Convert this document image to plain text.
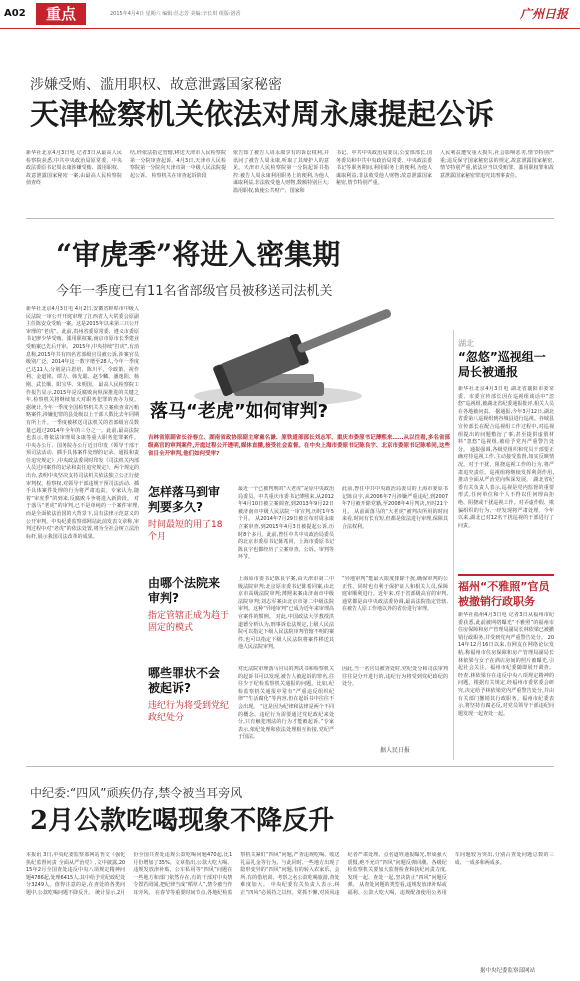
A02	重点	2015年4月4日 星期六 编辑:任志芳 美编:辛长琪 组版:洛香	广州日报
涉嫌受贿、滥用职权、故意泄露国家秘密
天津检察机关依法对周永康提起公诉
新华社北京4月3日电 记者3日从最高人民检察院获悉,中共中央政治局原常委、中央政法委原书记周永康涉嫌受贿、滥用职权、故意泄露国家秘密一案,由最高人民检察院侦查终
结,经依法指定管辖,移送天津市人民检察院第一分院审查起诉。4月3日,天津市人民检察院第一分院向天津市第一中级人民法院提起公诉。 检察机关在审查起诉阶段
依告知了被告人周永康享有的诉讼权利,并讯问了被告人周永康,听取了其辩护人的意见。天津市人民检察院第一分院起诉书指控:被告人周永康利用职务上的便利,为他人谋取利益,非法收受他人财物,数额特别巨大;滥用职权,致使公共财产、国家和
书记、中共中央政治局委员,公安部部长,国务委员和中共中央政治局常委、中央政法委书记等职务期间,利用职务上的便利,为他人谋取利益,非法收受他人财物;故意泄露国家秘密,情节特别严重。
人民利益遭受重大损失,社会影响恶劣,情节特别严重;违反保守国家秘密法的规定,故意泄露国家秘密,情节特别严重,依法应当以受贿罪、滥用职权罪和故意泄露国家秘密罪追究其刑事责任。
“审虎季”将进入密集期
今年一季度已有11名省部级官员被移送司法机关
新华社北京4月3日电 4月2日,安徽省蚌埠市中级人民法院一审公开开庭审理了江西省人大常委会原副主任陈安众受贿一案。这是2015年以来第三只公开审理的“老虎”。此前,贵州省委原常委、遵义市委原书记廖少华受贿、滥用职权案,南京市原市长季建业受贿案已先后开审。 2015年,中央持续“打虎”,有消息称,2015年共有四名省部级官员被公诉,涉案官员级别广泛。2014年这一数字增至28人,今年一季度已达11人,分别是白恩培、陈川平、令政策、祝作利、金道铭、谭力、韩先聪、赵少麟、潘逸阳、杨刚、武长顺、阳宝华、朱明国。 最高人民检察院工作报告显示,2015年是反腐败向纵深推进的关键之年,检察机关将继续加大对职务犯罪的查办力度。 据统计,今年一季度全国检察机关共立案侦查贪污贿赂案件,涉嫌犯罪的县处级以上干部人数比去年同期有所上升。一季度被移送司法机关的省部级官员数量已超过2014年全年的三分之一。此前,最高法院也表示,将依法审理周永康等重大职务犯罪案件。 中央办公厅、国务院办公厅近日印发《领导干部干预司法活动、插手具体案件处理的记录、通报和责任追究规定》,中央政法委同时印发《司法机关内部人员过问案件的记录和责任追究规定》。两个规定的出台,表明中央坚决支持司法机关依法独立公正行使审判权、检察权,对领导干部违规干预司法活动、插手具体案件处理的行为将严肃追责。专家认为,随着“审虎季”的到来,反腐败斗争将进入新阶段。 对于落马“老虎”的审判,已不是单纯的一个案件审理,而是全面依法治国的大背景下,具有法律示范意义的公开审判。中央纪委监察部网站此前发表文章称,审判过程中对“老虎”的依法处置,将为全社会树立法治标杆,展示我国司法改革的成果。
落马“老虎”如何审判?
吉林省原副省长谷春立、湖南省政协原副主席童名谦、原铁道部部长刘志军、重庆市委原书记薄熙来……从以往看,多名省部级高官的审判案件,开庭过程公开透明,媒体直播,接受社会监督。在中央上海市委原书记陈良宇、北京市委原书记陈希同,这些省目全开审判,他们如何受审?
怎样落马到审判要多久?
时间最短的用了18个月
最近一个已被判刑的“大老虎”是原中央政治局委员、中共重庆市委书记薄熙来,从2012年4月10日被立案调查,到2013年9月22日被济南市中级人民法院一审宣判,历时1年5个月。 从2014年7月29日被宣布对周永康立案审查,到2015年4月3日被提起公诉,历时8个多月。此前,曾任中共中央政治局委员的北京市委原书记陈希同、上海市委原书记陈良宇也都经历了立案审查、公诉、审判等环节。
此前,曾任中共中央政治局委员的上海市委原书记陈良宇,从2006年7月涉嫌严重违纪,到2007年7月被开除党籍,至2008年4月判决,历时21个月。 从前面落马的“大老虎”被判决所用的时间来看,时间有长有短,但都是依法进行审理,保障其合法权利。
由哪个法院来审判?
指定管辖正成为趋于固定的模式
上海原市委书记陈良宇案,由天津市第二中级法院审判;北京原市委书记陈希同案,由北京市高级法院审判;薄熙来案由济南市中级法院审判;刘志军案由北京市第二中级法院审判。这种“异地审判”已成为近年来审理高官案件的惯例。 对此,中国政法大学教授洪道德分析认为,刑事诉讼法规定,上级人民法院可以指定下级人民法院审判管辖不明的案件,也可以指定下级人民法院将案件移送其他人民法院审判。
“异地审判”能最大限度排除干扰,确保审判的公正性。同时也有利于保护证人和相关人员,保障庭审顺利进行。近年来,对于省部级高官的审判,通常都是由中央政法委协调,最高法院指定管辖,在被告人原工作地以外的省份进行审理。
哪些罪状不会被起诉?
违纪行为将受到党纪政纪处分
对比法院审理落马官员的判决书和检察机关的起诉书可以发现,被告人被起诉的罪名,往往少于纪检监察机关通报的问题。比如,纪检监察机关通报中常有“严重违反组织纪律”“生活腐化”等内容,但在起诉书中往往不会出现。 “这是因为纪律和法律是两个不同的概念。违纪行为需要通过党纪政纪来处分,只有触犯刑法的行为才能被起诉。”专家表示,依纪处理和依法处理相互衔接,党纪严于国法。
因此,当一名官员被查处时,党纪处分和司法审判往往是分开进行的,违纪行为将受到党纪政纪的处分。
据人民日报
湖北
“忽悠”巡视组一局长被通报
新华社北京4月3日电 湖北省襄阳市委常委、市委宣传部长因在巡视组谈话中“忽悠”巡视组,被湖北省纪委通报批评,相关人员在各地被问责。 据通报,今年3月12日,湖北省委第八巡视组到谷城县进行巡视。谷城县宣传部长在配合巡视组工作过程中,对巡视组提出的问题敷衍了事,甚至提供虚假材料“忽悠”巡视组,被给予党内严重警告处分。 通报强调,各级党组织和党员干部要正确对待巡视工作,主动接受监督,如实反映情况。对于干扰、阻挠巡视工作的行为,将严肃追究责任。巡视组将继续发挥利剑作用,推动全面从严治党向纵深发展。 湖北省纪委有关负责人表示,巡视是党内监督的重要形式,任何单位和个人不得以任何理由拒绝、阻挠或干扰巡视工作。对弄虚作假、欺骗组织的行为,一经发现将严肃处理。今年以来,湖北已对12名干扰巡视的干部进行了问责。
福州“不雅照”官员被撤销行政职务
新华社福州4月3日电 记者3日从福州市纪委获悉,此前被网络曝光“不雅照”的福州市住房保障和房产管理局副局长林依梁已被撤销行政职务,并受到党内严重警告处分。 2014年12月16日以来,有网友在网络论坛发帖,称福州市住房保障和房产管理局副局长林依梁与女子在酒店房间的照片被曝光,引起社会关注。福州市纪委随即展开调查。 经查,林依梁存在违反中央八项规定精神的问题。根据有关规定,经福州市委常委会研究,决定给予林依梁党内严重警告处分,并由有关部门撤销其行政职务。福州市纪委表示,将坚持有腐必反,对党员领导干部违纪问题发现一起查处一起。
中纪委:“四风”顽疾仍存,禁令被当耳旁风
2月公款吃喝现象不降反升
本报讯 3日,中央纪委监察部网站刊文《强化执纪监督问责 全面从严治党》,文中披露,2015年2月全国查处违反中央八项规定精神问题4786起,处理6415人,其中给予党纪政纪处分3249人。值得注意的是,在查处的各类问题中,公款吃喝问题不降反升。 统计显示,2月份全国共查处违规公款吃喝问题470起,比1月份增加了35%。文章指出,公款大吃大喝、违规发放津补贴、公车私用等“四风”问题在一些地方和部门依然存在,有的干部对中央禁令置若罔闻,把纪律当成“稻草人”,禁令被当作耳旁风。 在春节等重要时间节点,各地纪检监察机关紧盯“四风”问题,严查违规吃喝、收送礼品礼金等行为。与此同时,一些地方出现了隐形变异的“四风”问题,有的转入农家乐、会所,有的借培训、考察之名公款吃喝旅游,查处难度加大。 中央纪委有关负责人表示,纠正“四风”必须持之以恒、常抓不懈,对顶风违纪者严肃处理、点名道姓通报曝光,形成强大震慑,绝不允许“四风”问题反弹回潮。各级纪检监察机关要加大监督检查和执纪问责力度,发现一起、查处一起,坚决防止“四风”问题反弹。 从查处问题的类型看,违规发放津补贴或福利、公款大吃大喝、违规配备使用公务用车问题较为突出,分别占查处问题总数的三成、一成多和两成多。
据中央纪委监察部网站
